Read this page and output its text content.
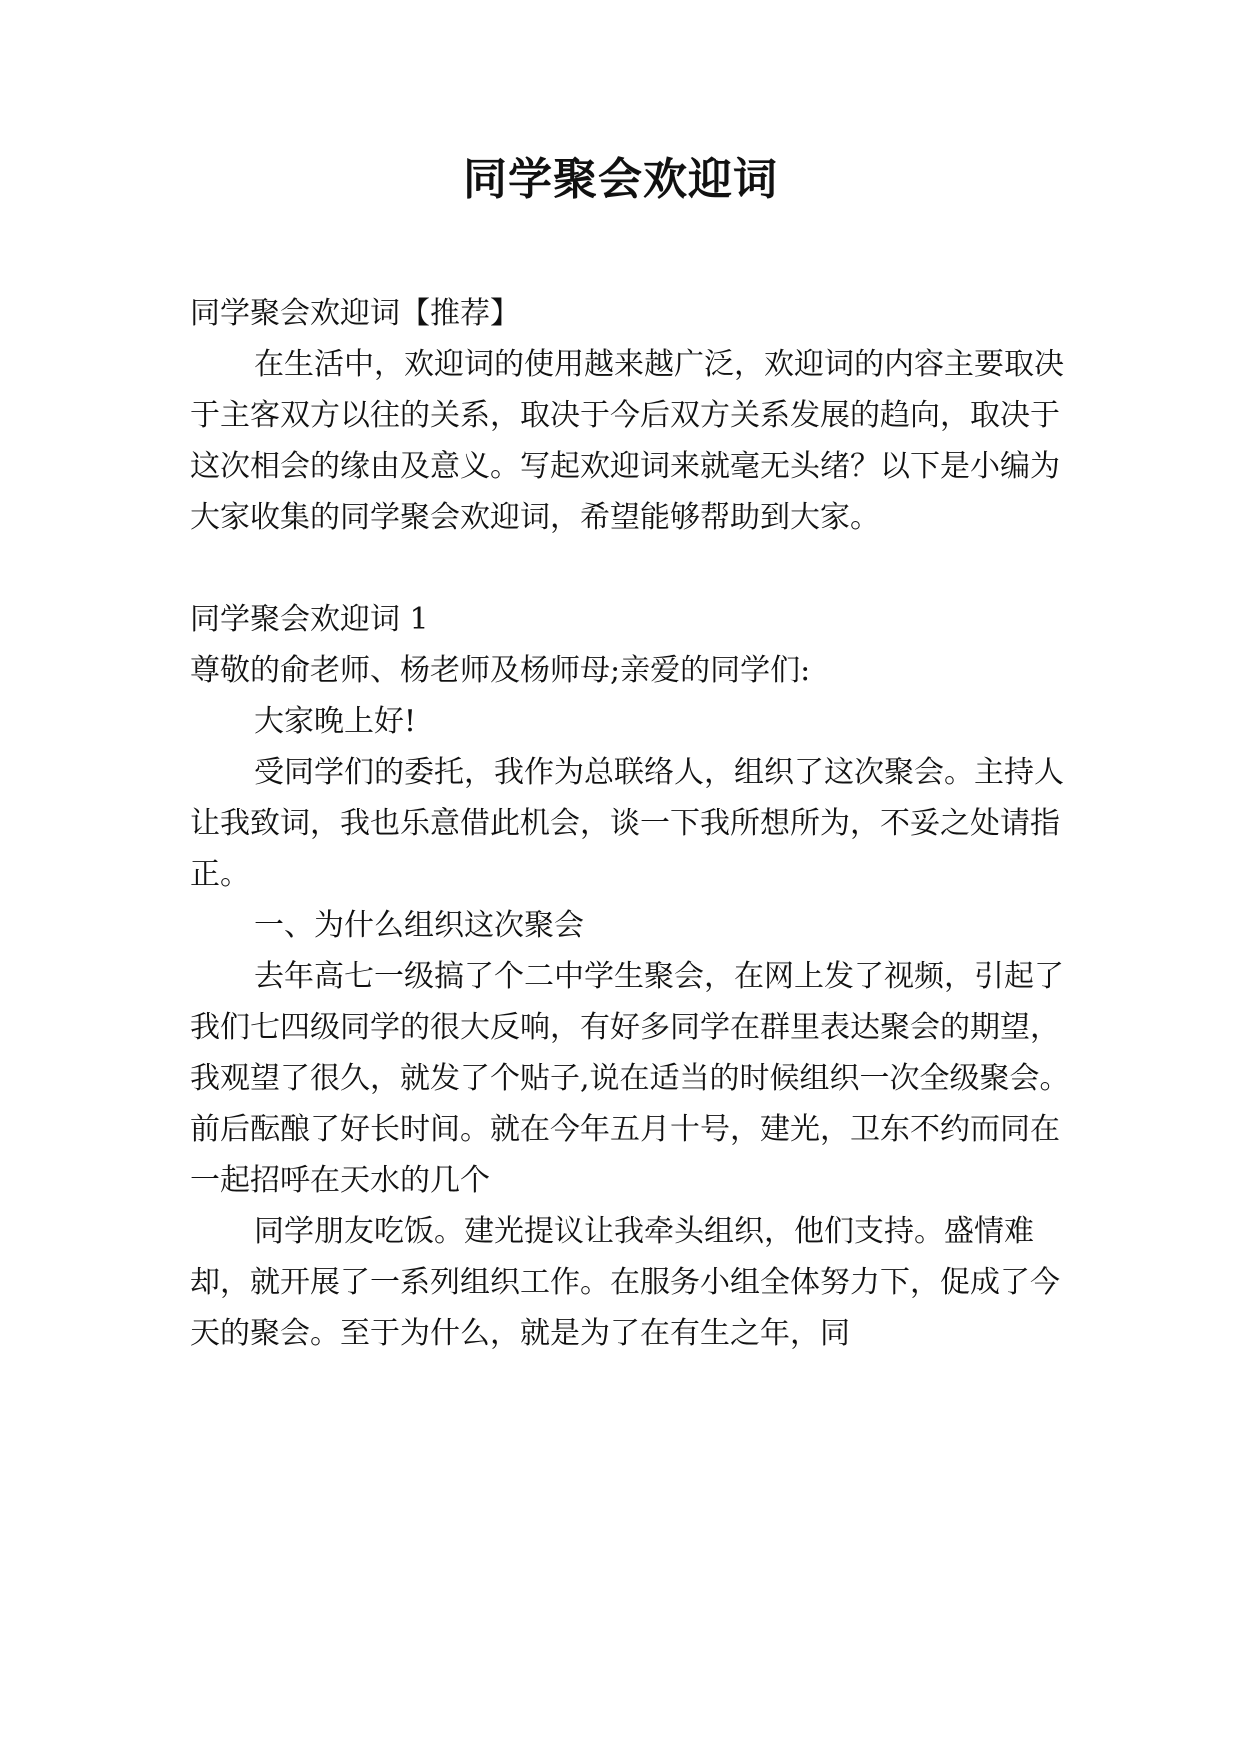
同学聚会欢迎词

同学聚会欢迎词【推荐】

在生活中，欢迎词的使用越来越广泛，欢迎词的内容主要取决于主客双方以往的关系，取决于今后双方关系发展的趋向，取决于这次相会的缘由及意义。写起欢迎词来就毫无头绪？以下是小编为大家收集的同学聚会欢迎词，希望能够帮助到大家。

同学聚会欢迎词 1

尊敬的俞老师、杨老师及杨师母;亲爱的同学们:

大家晚上好!

受同学们的委托，我作为总联络人，组织了这次聚会。主持人让我致词，我也乐意借此机会，谈一下我所想所为，不妥之处请指正。

一、为什么组织这次聚会

去年高七一级搞了个二中学生聚会，在网上发了视频，引起了我们七四级同学的很大反响，有好多同学在群里表达聚会的期望，我观望了很久，就发了个贴子,说在适当的时候组织一次全级聚会。前后酝酿了好长时间。就在今年五月十号，建光，卫东不约而同在一起招呼在天水的几个

同学朋友吃饭。建光提议让我牵头组织，他们支持。盛情难却，就开展了一系列组织工作。在服务小组全体努力下，促成了今天的聚会。至于为什么，就是为了在有生之年，同
